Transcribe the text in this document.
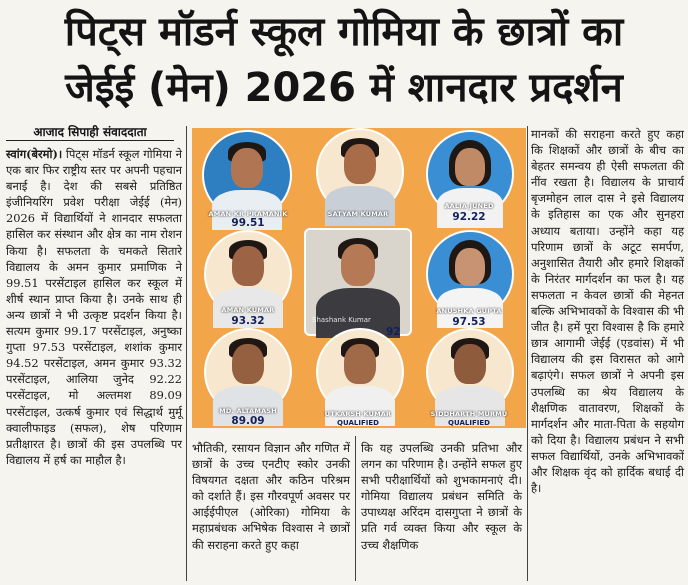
पिट्स मॉडर्न स्कूल गोमिया के छात्रों का
जेईई (मेन) 2026 में शानदार प्रदर्शन
आजाद सिपाही संवाददाता

स्वांग(बेरमो)। पिट्स मॉडर्न स्कूल गोमिया ने एक बार फिर राष्ट्रीय स्तर पर अपनी पहचान बनाई है। देश की सबसे प्रतिष्ठित इंजीनियरिंग प्रवेश परीक्षा जेईई (मेन) 2026 में विद्यार्थियों ने शानदार सफलता हासिल कर संस्थान और क्षेत्र का नाम रोशन किया है। सफलता के चमकते सितारे विद्यालय के अमन कुमार प्रमाणिक ने 99.51 परसेंटाइल हासिल कर स्कूल में शीर्ष स्थान प्राप्त किया है। उनके साथ ही अन्य छात्रों ने भी उत्कृष्ट प्रदर्शन किया है। सत्यम कुमार 99.17 परसेंटाइल, अनुष्का गुप्ता 97.53 परसेंटाइल, शशांक कुमार 94.52 परसेंटाइल, अमन कुमार 93.32 परसेंटाइल, आलिया जुनेद 92.22 परसेंटाइल, मो अल्तमश 89.09 परसेंटाइल, उत्कर्ष कुमार एवं सिद्धार्थ मुर्मू क्वालीफाइड (सफल), शेष परिणाम प्रतीक्षारत है। छात्रों की इस उपलब्धि पर विद्यालय में हर्ष का माहौल है।

AMAN KR PRAMANIK
99.51
SATYAM KUMAR
AALIA JUNED
92.22
AMAN KUMAR
93.32	Shashank Kumar
92
ANUSHKA GUPTA
97.53
MD. ALTAMASH
89.09
UTKARSH KUMAR
QUALIFIED
SIDDHARTH MURMU
QUALIFIED

भौतिकी, रसायन विज्ञान और गणित में छात्रों के उच्च एनटीए स्कोर उनकी विषयगत दक्षता और कठिन परिश्रम को दर्शाते हैं। इस गौरवपूर्ण अवसर पर आईईपीएल (ओरिका) गोमिया के महाप्रबंधक अभिषेक विश्वास ने छात्रों की सराहना करते हुए कहा

कि यह उपलब्धि उनकी प्रतिभा और लगन का परिणाम है। उन्होंने सफल हुए सभी परीक्षार्थियों को शुभकामनाएं दी। गोमिया विद्यालय प्रबंधन समिति के उपाध्यक्ष अरिंदम दासगुप्ता ने छात्रों के प्रति गर्व व्यक्त किया और स्कूल के उच्च शैक्षणिक

मानकों की सराहना करते हुए कहा कि शिक्षकों और छात्रों के बीच का बेहतर समन्वय ही ऐसी सफलता की नींव रखता है। विद्यालय के प्राचार्य बृजमोहन लाल दास ने इसे विद्यालय के इतिहास का एक और सुनहरा अध्याय बताया। उन्होंने कहा यह परिणाम छात्रों के अटूट समर्पण, अनुशासित तैयारी और हमारे शिक्षकों के निरंतर मार्गदर्शन का फल है। यह सफलता न केवल छात्रों की मेहनत बल्कि अभिभावकों के विश्वास की भी जीत है। हमें पूरा विश्वास है कि हमारे छात्र आगामी जेईई (एडवांस) में भी विद्यालय की इस विरासत को आगे बढ़ाएंगे। सफल छात्रों ने अपनी इस उपलब्धि का श्रेय विद्यालय के शैक्षणिक वातावरण, शिक्षकों के मार्गदर्शन और माता-पिता के सहयोग को दिया है। विद्यालय प्रबंधन ने सभी सफल विद्यार्थियों, उनके अभिभावकों और शिक्षक वृंद को हार्दिक बधाई दी है।
